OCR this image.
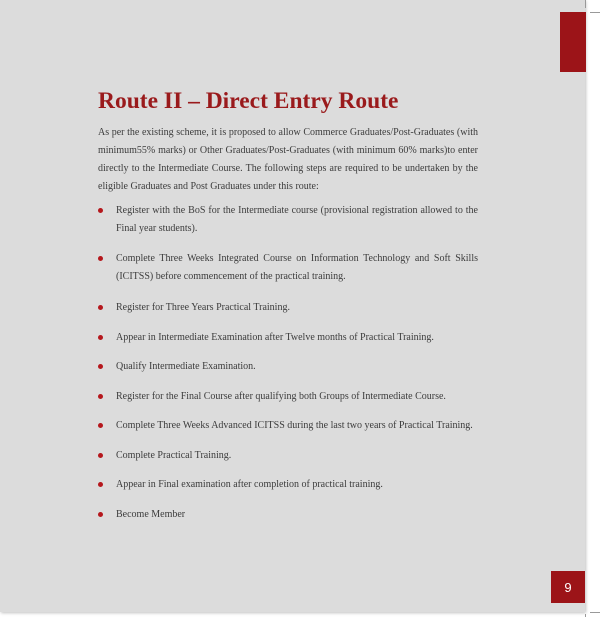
Route II – Direct Entry Route

As per the existing scheme, it is proposed to allow Commerce Graduates/Post-Graduates (with minimum55% marks) or Other Graduates/Post-Graduates (with minimum 60% marks)to enter directly to the Intermediate Course. The following steps are required to be undertaken by the eligible Graduates and Post Graduates under this route:

Register with the BoS for the Intermediate course (provisional registration allowed to the Final year students).
Complete Three Weeks Integrated Course on Information Technology and Soft Skills (ICITSS) before commencement of the practical training.
Register for Three Years Practical Training.
Appear in Intermediate Examination after Twelve months of Practical Training.
Qualify Intermediate Examination.
Register for the Final Course after qualifying both Groups of Intermediate Course.
Complete Three Weeks Advanced ICITSS during the last two years of Practical Training.
Complete Practical Training.
Appear in Final examination after completion of practical training.
Become Member
9
